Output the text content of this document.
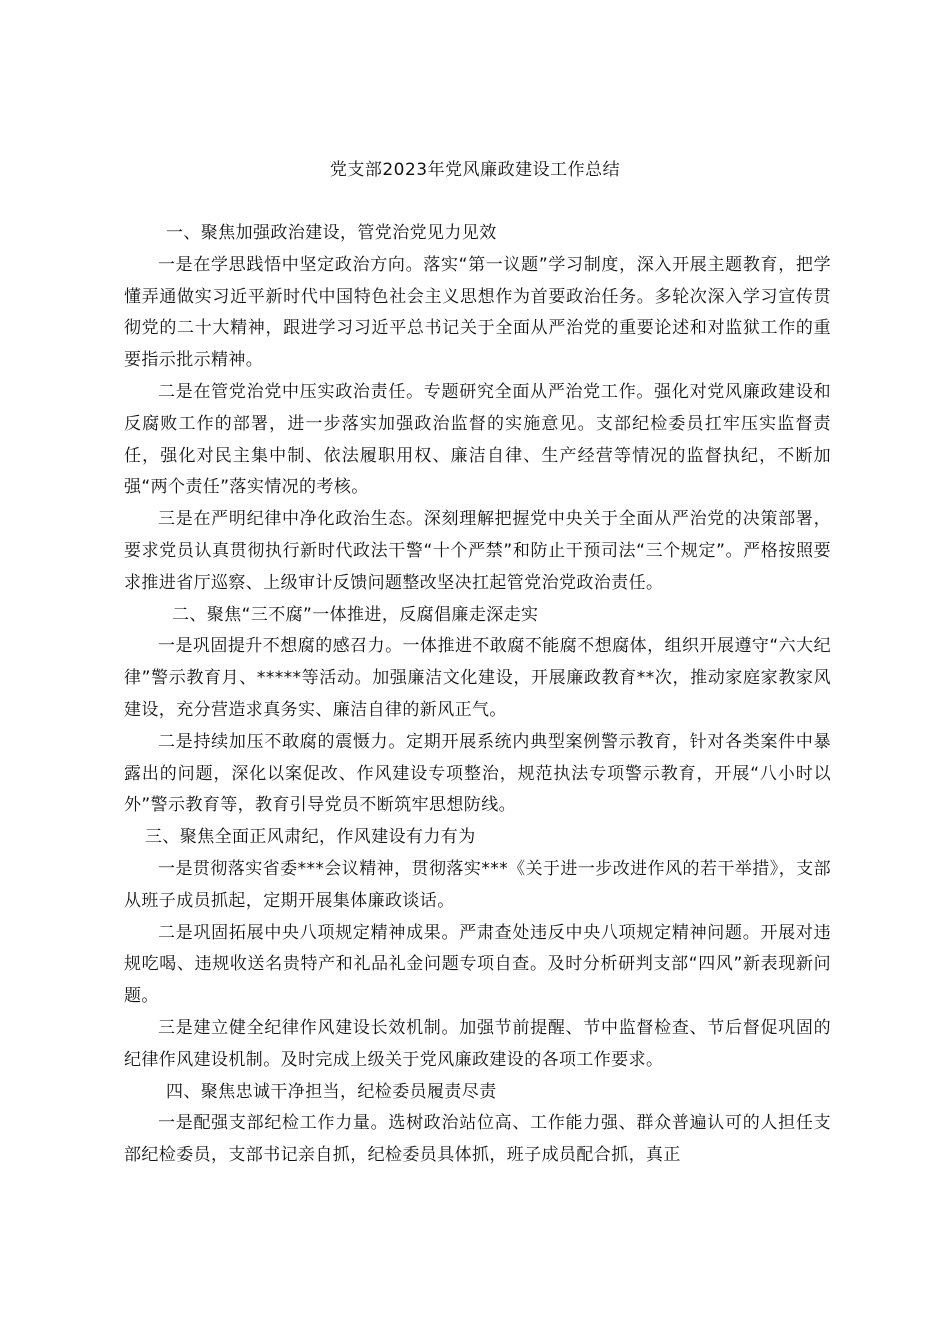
党支部2023年党风廉政建设工作总结

一、聚焦加强政治建设，管党治党见力见效

一是在学思践悟中坚定政治方向。落实“第一议题”学习制度，深入开展主题教育，把学懂弄通做实习近平新时代中国特色社会主义思想作为首要政治任务。多轮次深入学习宣传贯彻党的二十大精神，跟进学习习近平总书记关于全面从严治党的重要论述和对监狱工作的重要指示批示精神。

二是在管党治党中压实政治责任。专题研究全面从严治党工作。强化对党风廉政建设和反腐败工作的部署，进一步落实加强政治监督的实施意见。支部纪检委员扛牢压实监督责任，强化对民主集中制、依法履职用权、廉洁自律、生产经营等情况的监督执纪，不断加强“两个责任”落实情况的考核。

三是在严明纪律中净化政治生态。深刻理解把握党中央关于全面从严治党的决策部署，要求党员认真贯彻执行新时代政法干警“十个严禁”和防止干预司法“三个规定”。严格按照要求推进省厅巡察、上级审计反馈问题整改坚决扛起管党治党政治责任。

二、聚焦“三不腐”一体推进，反腐倡廉走深走实

一是巩固提升不想腐的感召力。一体推进不敢腐不能腐不想腐体，组织开展遵守“六大纪律”警示教育月、*****等活动。加强廉洁文化建设，开展廉政教育**次，推动家庭家教家风建设，充分营造求真务实、廉洁自律的新风正气。

二是持续加压不敢腐的震慑力。定期开展系统内典型案例警示教育，针对各类案件中暴露出的问题，深化以案促改、作风建设专项整治，规范执法专项警示教育，开展“八小时以外”警示教育等，教育引导党员不断筑牢思想防线。

三、聚焦全面正风肃纪，作风建设有力有为

一是贯彻落实省委***会议精神，贯彻落实***《关于进一步改进作风的若干举措》，支部从班子成员抓起，定期开展集体廉政谈话。

二是巩固拓展中央八项规定精神成果。严肃查处违反中央八项规定精神问题。开展对违规吃喝、违规收送名贵特产和礼品礼金问题专项自查。及时分析研判支部“四风”新表现新问题。

三是建立健全纪律作风建设长效机制。加强节前提醒、节中监督检查、节后督促巩固的纪律作风建设机制。及时完成上级关于党风廉政建设的各项工作要求。

四、聚焦忠诚干净担当，纪检委员履责尽责

一是配强支部纪检工作力量。选树政治站位高、工作能力强、群众普遍认可的人担任支部纪检委员，支部书记亲自抓，纪检委员具体抓，班子成员配合抓，真正
